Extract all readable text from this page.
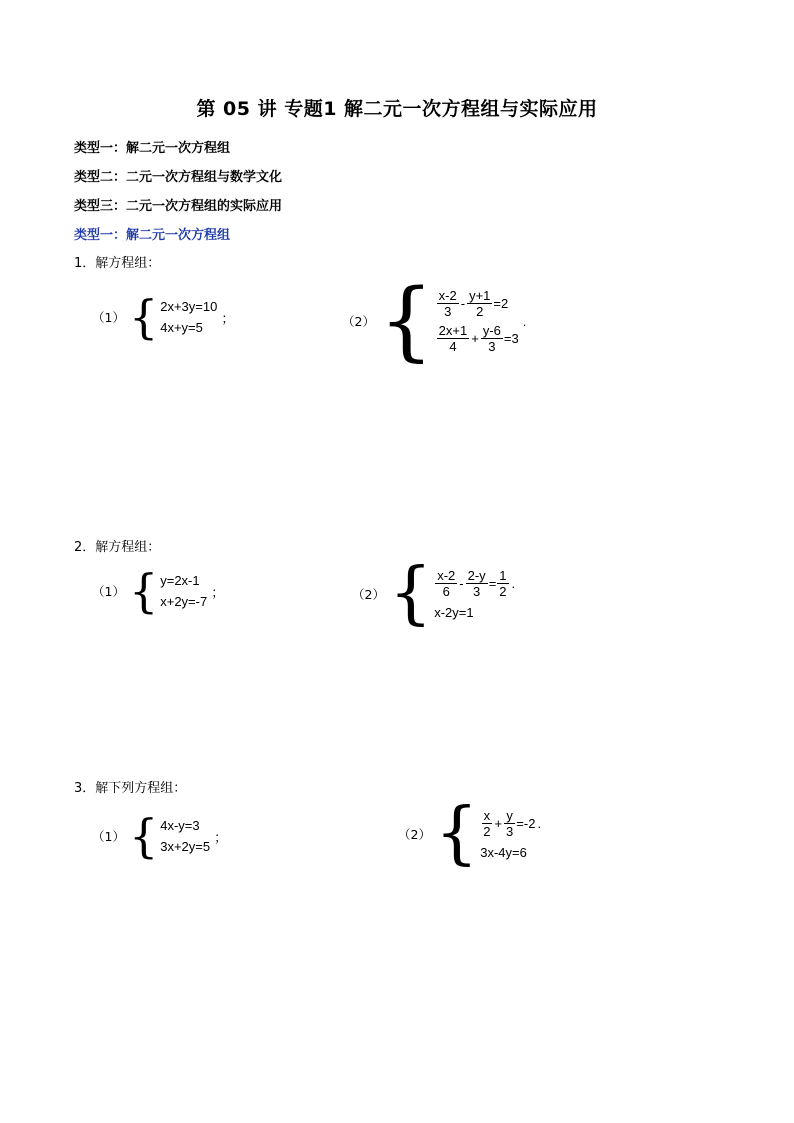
第 05 讲 专题1 解二元一次方程组与实际应用
类型一：解二元一次方程组
类型二：二元一次方程组与数学文化
类型三：二元一次方程组的实际应用
类型一：解二元一次方程组
1．解方程组：
（1） { 2x+3y=10
4x+y=5
；	（2） { $\frac{x-2}{3} - \frac{y+1}{2} =2$
$\frac{2x+1}{4} + \frac{y-6}{3} =3$
.
2．解方程组：
（1） { y=2x-1
x+2y=-7
；	（2） { $\frac{x-2}{6} - \frac{2-y}{3} = \frac{1}{2}$ .
x-2y=1
3．解下列方程组：
（1） { 4x-y=3
3x+2y=5
；	（2） { $\frac{x}{2} + \frac{y}{3} =-2$ .
3x-4y=6
